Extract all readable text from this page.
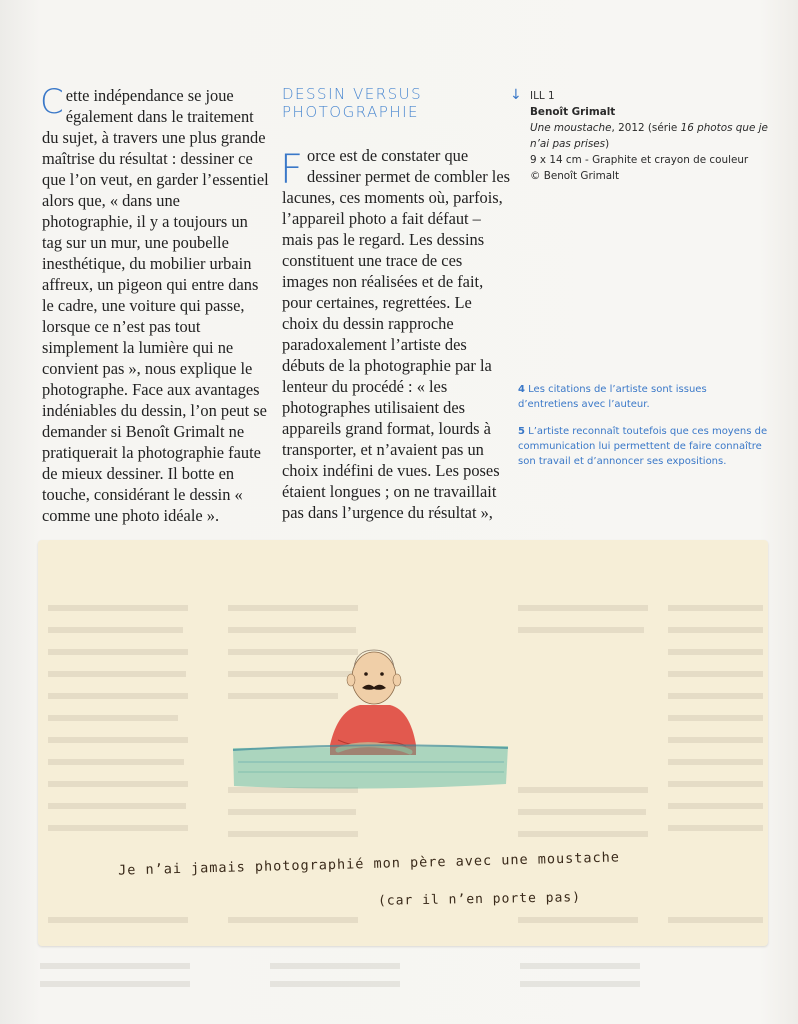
Cette indépendance se joue également dans le traitement du sujet, à travers une plus grande maîtrise du résultat : dessiner ce que l’on veut, en garder l’essentiel alors que, « dans une photographie, il y a toujours un tag sur un mur, une poubelle inesthétique, du mobilier urbain affreux, un pigeon qui entre dans le cadre, une voiture qui passe, lorsque ce n’est pas tout simplement la lumière qui ne convient pas », nous explique le photographe. Face aux avantages indéniables du dessin, l’on peut se demander si Benoît Grimalt ne pratiquerait la photographie faute de mieux dessiner. Il botte en touche, considérant le dessin « comme une photo idéale ».
DESSIN VERSUS
PHOTOGRAPHIE
F orce est de constater que dessiner permet de combler les lacunes, ces moments où, parfois, l’appareil photo a fait défaut – mais pas le regard. Les dessins constituent une trace de ces images non réalisées et de fait, pour certaines, regrettées. Le choix du dessin rapproche paradoxalement l’artiste des débuts de la photographie par la lenteur du procédé : « les photographes utilisaient des appareils grand format, lourds à transporter, et n’avaient pas un choix indéfini de vues. Les poses étaient longues ; on ne travaillait pas dans l’urgence du résultat »,
↓ ILL 1
Benoît Grimalt
Une moustache, 2012 (série 16 photos que je n’ai pas prises)
9 x 14 cm - Graphite et crayon de couleur
© Benoît Grimalt
4 Les citations de l’artiste sont issues d’entretiens avec l’auteur.
5 L’artiste reconnaît toutefois que ces moyens de communication lui permettent de faire connaître son travail et d’annoncer ses expositions.
Je n’ai jamais photographié mon père avec une moustache
(car il n’en porte pas)
